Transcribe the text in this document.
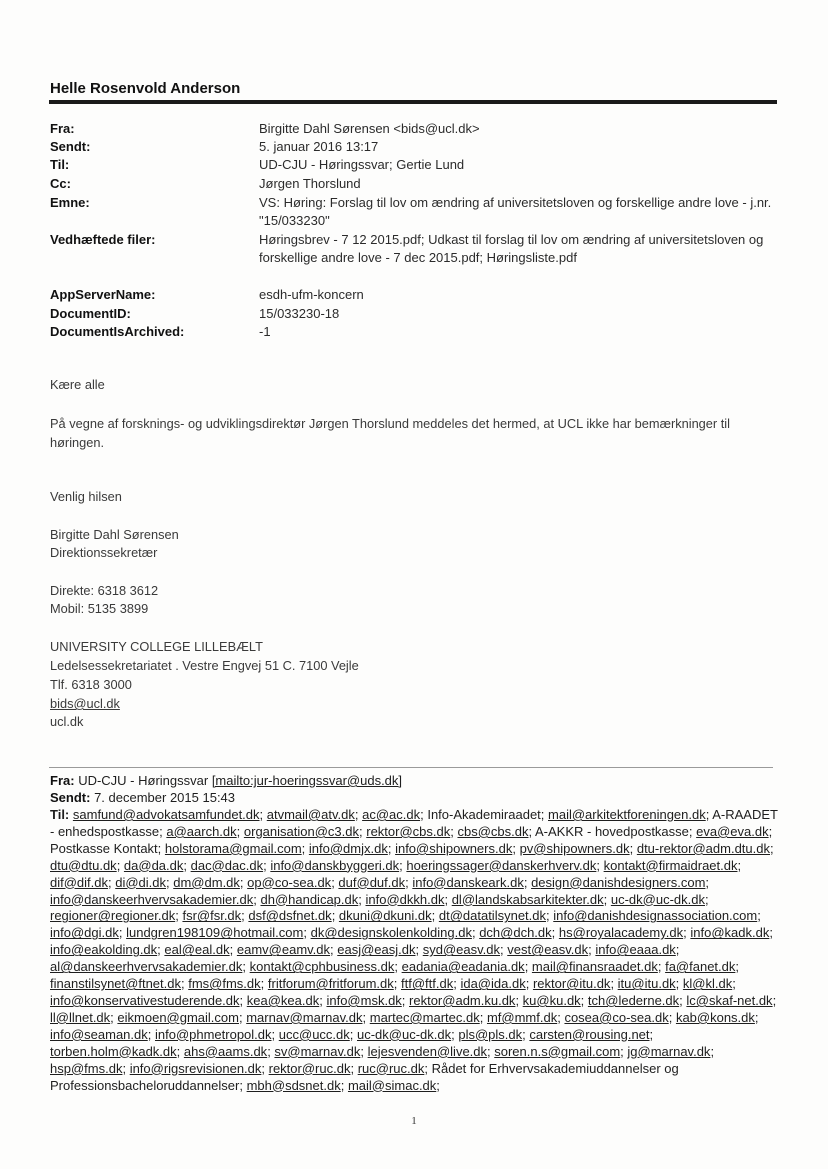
Helle Rosenvold Anderson
Fra:	Birgitte Dahl Sørensen <bids@ucl.dk>
Sendt:	5. januar 2016 13:17
Til:	UD-CJU - Høringssvar; Gertie Lund
Cc:	Jørgen Thorslund
Emne:	VS: Høring: Forslag til lov om ændring af universitetsloven og forskellige andre love - j.nr. "15/033230"
Vedhæftede filer:	Høringsbrev - 7 12 2015.pdf; Udkast til forslag til lov om ændring af universitetsloven og forskellige andre love - 7 dec 2015.pdf; Høringsliste.pdf
AppServerName:	esdh-ufm-koncern
DocumentID:	15/033230-18
DocumentIsArchived:	-1
Kære alle
På vegne af forsknings- og udviklingsdirektør Jørgen Thorslund meddeles det hermed, at UCL ikke har bemærkninger til høringen.
Venlig hilsen
Birgitte Dahl Sørensen
Direktionssekretær
Direkte: 6318 3612
Mobil: 5135 3899
UNIVERSITY COLLEGE LILLEBÆLT
Ledelsessekretariatet . Vestre Engvej 51 C. 7100 Vejle
Tlf. 6318 3000
bids@ucl.dk
ucl.dk
Fra: UD-CJU - Høringssvar [mailto:jur-hoeringssvar@uds.dk]
Sendt: 7. december 2015 15:43
Til: samfund@advokatsamfundet.dk; atvmail@atv.dk; ac@ac.dk; Info-Akademiraadet; mail@arkitektforeningen.dk; A-RAADET - enhedspostkasse; a@aarch.dk; organisation@c3.dk; rektor@cbs.dk; cbs@cbs.dk; A-AKKR - hovedpostkasse; eva@eva.dk; Postkasse Kontakt; holstorama@gmail.com; info@dmjx.dk; info@shipowners.dk; pv@shipowners.dk; dtu-rektor@adm.dtu.dk; dtu@dtu.dk; da@da.dk; dac@dac.dk; info@danskbyggeri.dk; hoeringssager@danskerhverv.dk; kontakt@firmaidraet.dk; dif@dif.dk; di@di.dk; dm@dm.dk; op@co-sea.dk; duf@duf.dk; info@danskeark.dk; design@danishdesigners.com; info@danskeerhvervsakademier.dk; dh@handicap.dk; info@dkkh.dk; dl@landskabsarkitekter.dk; uc-dk@uc-dk.dk; regioner@regioner.dk; fsr@fsr.dk; dsf@dsfnet.dk; dkuni@dkuni.dk; dt@datatilsynet.dk; info@danishdesignassociation.com; info@dgi.dk; lundgren198109@hotmail.com; dk@designskolenkolding.dk; dch@dch.dk; hs@royalacademy.dk; info@kadk.dk; info@eakolding.dk; eal@eal.dk; eamv@eamv.dk; easj@easj.dk; syd@easv.dk; vest@easv.dk; info@eaaa.dk; al@danskeerhvervsakademier.dk; kontakt@cphbusiness.dk; eadania@eadania.dk; mail@finansraadet.dk; fa@fanet.dk; finanstilsynet@ftnet.dk; fms@fms.dk; fritforum@fritforum.dk; ftf@ftf.dk; ida@ida.dk; rektor@itu.dk; itu@itu.dk; kl@kl.dk; info@konservativestuderende.dk; kea@kea.dk; info@msk.dk; rektor@adm.ku.dk; ku@ku.dk; tch@lederne.dk; lc@skaf-net.dk; ll@llnet.dk; eikmoen@gmail.com; marnav@marnav.dk; martec@martec.dk; mf@mmf.dk; cosea@co-sea.dk; kab@kons.dk; info@seaman.dk; info@phmetropol.dk; ucc@ucc.dk; uc-dk@uc-dk.dk; pls@pls.dk; carsten@rousing.net; torben.holm@kadk.dk; ahs@aams.dk; sv@marnav.dk; lejesvenden@live.dk; soren.n.s@gmail.com; jg@marnav.dk; hsp@fms.dk; info@rigsrevisionen.dk; rektor@ruc.dk; ruc@ruc.dk; Rådet for Erhvervsakademiuddannelser og Professionsbacheloruddannelser; mbh@sdsnet.dk; mail@simac.dk;
1
